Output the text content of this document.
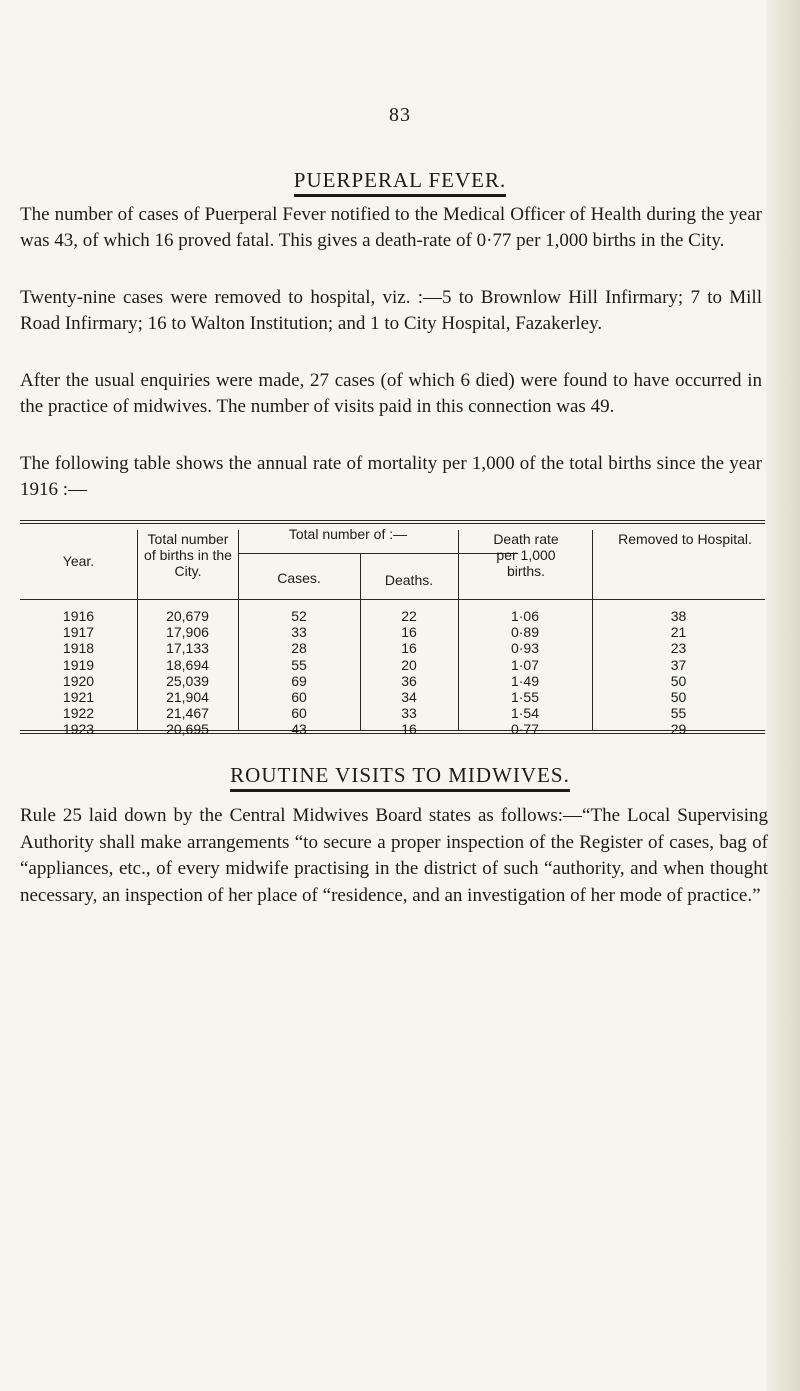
83
PUERPERAL FEVER.

The number of cases of Puerperal Fever notified to the Medical Officer of Health during the year was 43, of which 16 proved fatal. This gives a death-rate of 0·77 per 1,000 births in the City.

Twenty-nine cases were removed to hospital, viz. :—5 to Brownlow Hill Infirmary; 7 to Mill Road Infirmary; 16 to Walton Institution; and 1 to City Hospital, Fazakerley.

After the usual enquiries were made, 27 cases (of which 6 died) were found to have occurred in the practice of midwives. The number of visits paid in this connection was 49.

The following table shows the annual rate of mortality per 1,000 of the total births since the year 1916 :—

Year.
Total number of births in the City.
Total number of :—
Cases.	Deaths.
Death rate per 1,000 births.
Removed to Hospital.
1916	20,679	52	22	1·06	38
1917	17,906	33	16	0·89	21
1918	17,133	28	16	0·93	23
1919	18,694	55	20	1·07	37
1920	25,039	69	36	1·49	50
1921	21,904	60	34	1·55	50
1922	21,467	60	33	1·54	55
1923	20,695	43	16	0·77	29
ROUTINE VISITS TO MIDWIVES.

Rule 25 laid down by the Central Midwives Board states as follows:—“The Local Supervising Authority shall make arrangements “to secure a proper inspection of the Register of cases, bag of “appliances, etc., of every midwife practising in the district of such “authority, and when thought necessary, an inspection of her place of “residence, and an investigation of her mode of practice.”
